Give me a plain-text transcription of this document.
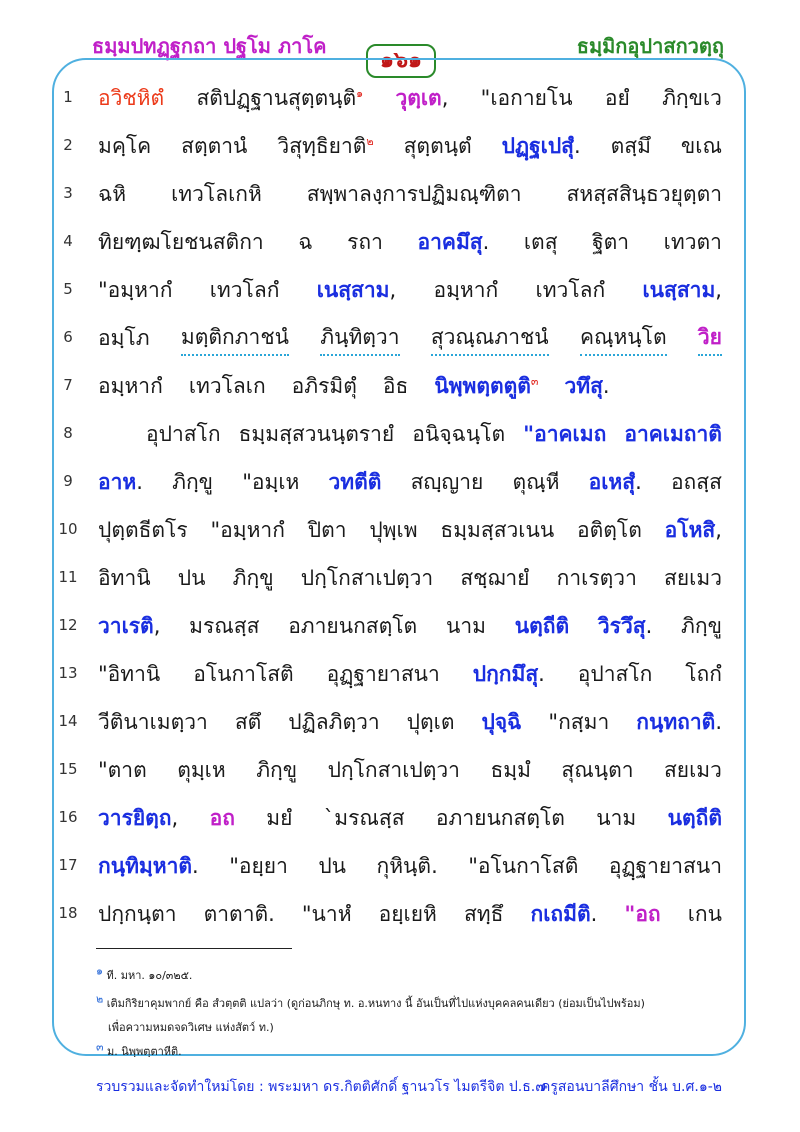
ธมฺมปทฏฺฐกถา ปฐโม ภาโค
๑๖๑
ธมฺมิกอุปาสกวตฺถุ
1	อวิชหิตํ สติปฏฺฐานสุตฺตนฺติ$^๑$ วุตฺเต, "เอกายโน อยํ ภิกฺขเว
2	มคฺโค สตฺตานํ วิสุทฺธิยาติ$^๒$ สุตฺตนฺตํ ปฏฺฐเปสุํ. ตสฺมึ ขเณ
3	ฉหิ เทวโลเกหิ สพฺพาลงฺการปฏิมณฺฑิตา สหสฺสสินฺธวยุตฺตา
4	ทิยฑฺฒโยชนสติกา ฉ รถา อาคมึสุ. เตสุ ฐิตา เทวตา
5	"อมฺหากํ เทวโลกํ เนสฺสาม, อมฺหากํ เทวโลกํ เนสฺสาม,
6	อมฺโภ มตฺติกภาชนํ ภินฺทิตฺวา สุวณฺณภาชนํ คณฺหนฺโต วิย
7	อมฺหากํ เทวโลเก อภิรมิตุํ อิธ นิพฺพตฺตตูติ$^๓$ วทึสุ.
8	อุปาสโก ธมฺมสฺสวนนฺตรายํ อนิจฺฉนฺโต "อาคเมถ อาคเมถาติ
9	อาห. ภิกฺขู "อมฺเห วทตีติ สญฺญาย ตุณฺหี อเหสุํ. อถสฺส
10 ปุตฺตธีตโร "อมฺหากํ ปิตา ปุพฺเพ ธมฺมสฺสวเนน อติตฺโต อโหสิ,
11 อิทานิ ปน ภิกฺขู ปกฺโกสาเปตฺวา สชฺฌายํ กาเรตฺวา สยเมว
12 วาเรติ, มรณสฺส อภายนกสตฺโต นาม นตฺถีติ วิรวึสุ. ภิกฺขู
13 "อิทานิ อโนกาโสติ อุฏฺฐายาสนา ปกฺกมึสุ. อุปาสโก โถกํ
14 วีตินาเมตฺวา สตึ ปฏิลภิตฺวา ปุตฺเต ปุจฺฉิ "กสฺมา กนฺทถาติ.
15 "ตาต ตุมฺเห ภิกฺขู ปกฺโกสาเปตฺวา ธมฺมํ สุณนฺตา สยเมว
16 วารยิตฺถ, อถ มยํ `มรณสฺส อภายนกสตฺโต นาม นตฺถีติ
17 กนฺทิมฺหาติ. "อยฺยา ปน กุหินฺติ. "อโนกาโสติ อุฏฺฐายาสนา
18 ปกฺกนฺตา ตาตาติ. "นาหํ อยฺเยหิ สทฺธึ กเถมีติ. "อถ เกน
$^๑$ ที. มหา. ๑๐/๓๒๕.
$^๒$ เติมกิริยาคุมพากย์ คือ สํวตฺตติ แปลว่า (ดูก่อนภิกษุ ท. อ.หนทาง นี้ อันเป็นที่ไปแห่งบุคคลคนเดียว (ย่อมเป็นไปพร้อม)
เพื่อความหมดจดวิเศษ แห่งสัตว์ ท.)
$^๓$ ม. นิพฺพตฺตาหีติ.
รวบรวมและจัดทำใหม่โดย : พระมหา ดร.กิตติศักดิ์ ฐานวโร ไมตรีจิต ป.ธ.๗
ครูสอนบาลีศึกษา ชั้น บ.ศ.๑-๒
